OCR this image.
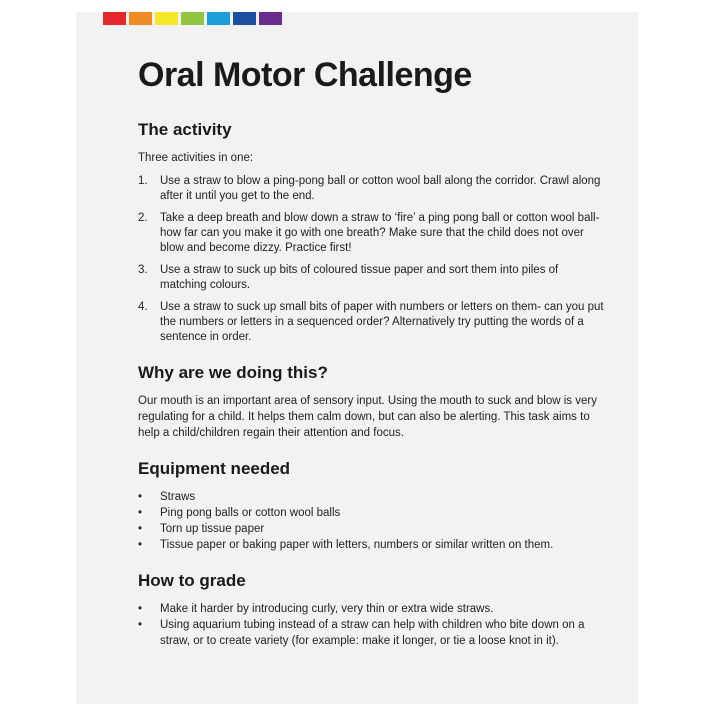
Oral Motor Challenge
The activity

Three activities in one:

1.	Use a straw to blow a ping-pong ball or cotton wool ball along the corridor. Crawl along after it until you get to the end.
2.	Take a deep breath and blow down a straw to ‘fire’ a ping pong ball or cotton wool ball- how far can you make it go with one breath? Make sure that the child does not over blow and become dizzy. Practice first!
3.	Use a straw to suck up bits of coloured tissue paper and sort them into piles of matching colours.
4.	Use a straw to suck up small bits of paper with numbers or letters on them- can you put the numbers or letters in a sequenced order? Alternatively try putting the words of a sentence in order.
Why are we doing this?

Our mouth is an important area of sensory input. Using the mouth to suck and blow is very regulating for a child. It helps them calm down, but can also be alerting. This task aims to help a child/children regain their attention and focus.

Equipment needed
•	Straws
•	Ping pong balls or cotton wool balls
•	Torn up tissue paper
•	Tissue paper or baking paper with letters, numbers or similar written on them.
How to grade
•	Make it harder by introducing curly, very thin or extra wide straws.
•	Using aquarium tubing instead of a straw can help with children who bite down on a straw, or to create variety (for example: make it longer, or tie a loose knot in it).
